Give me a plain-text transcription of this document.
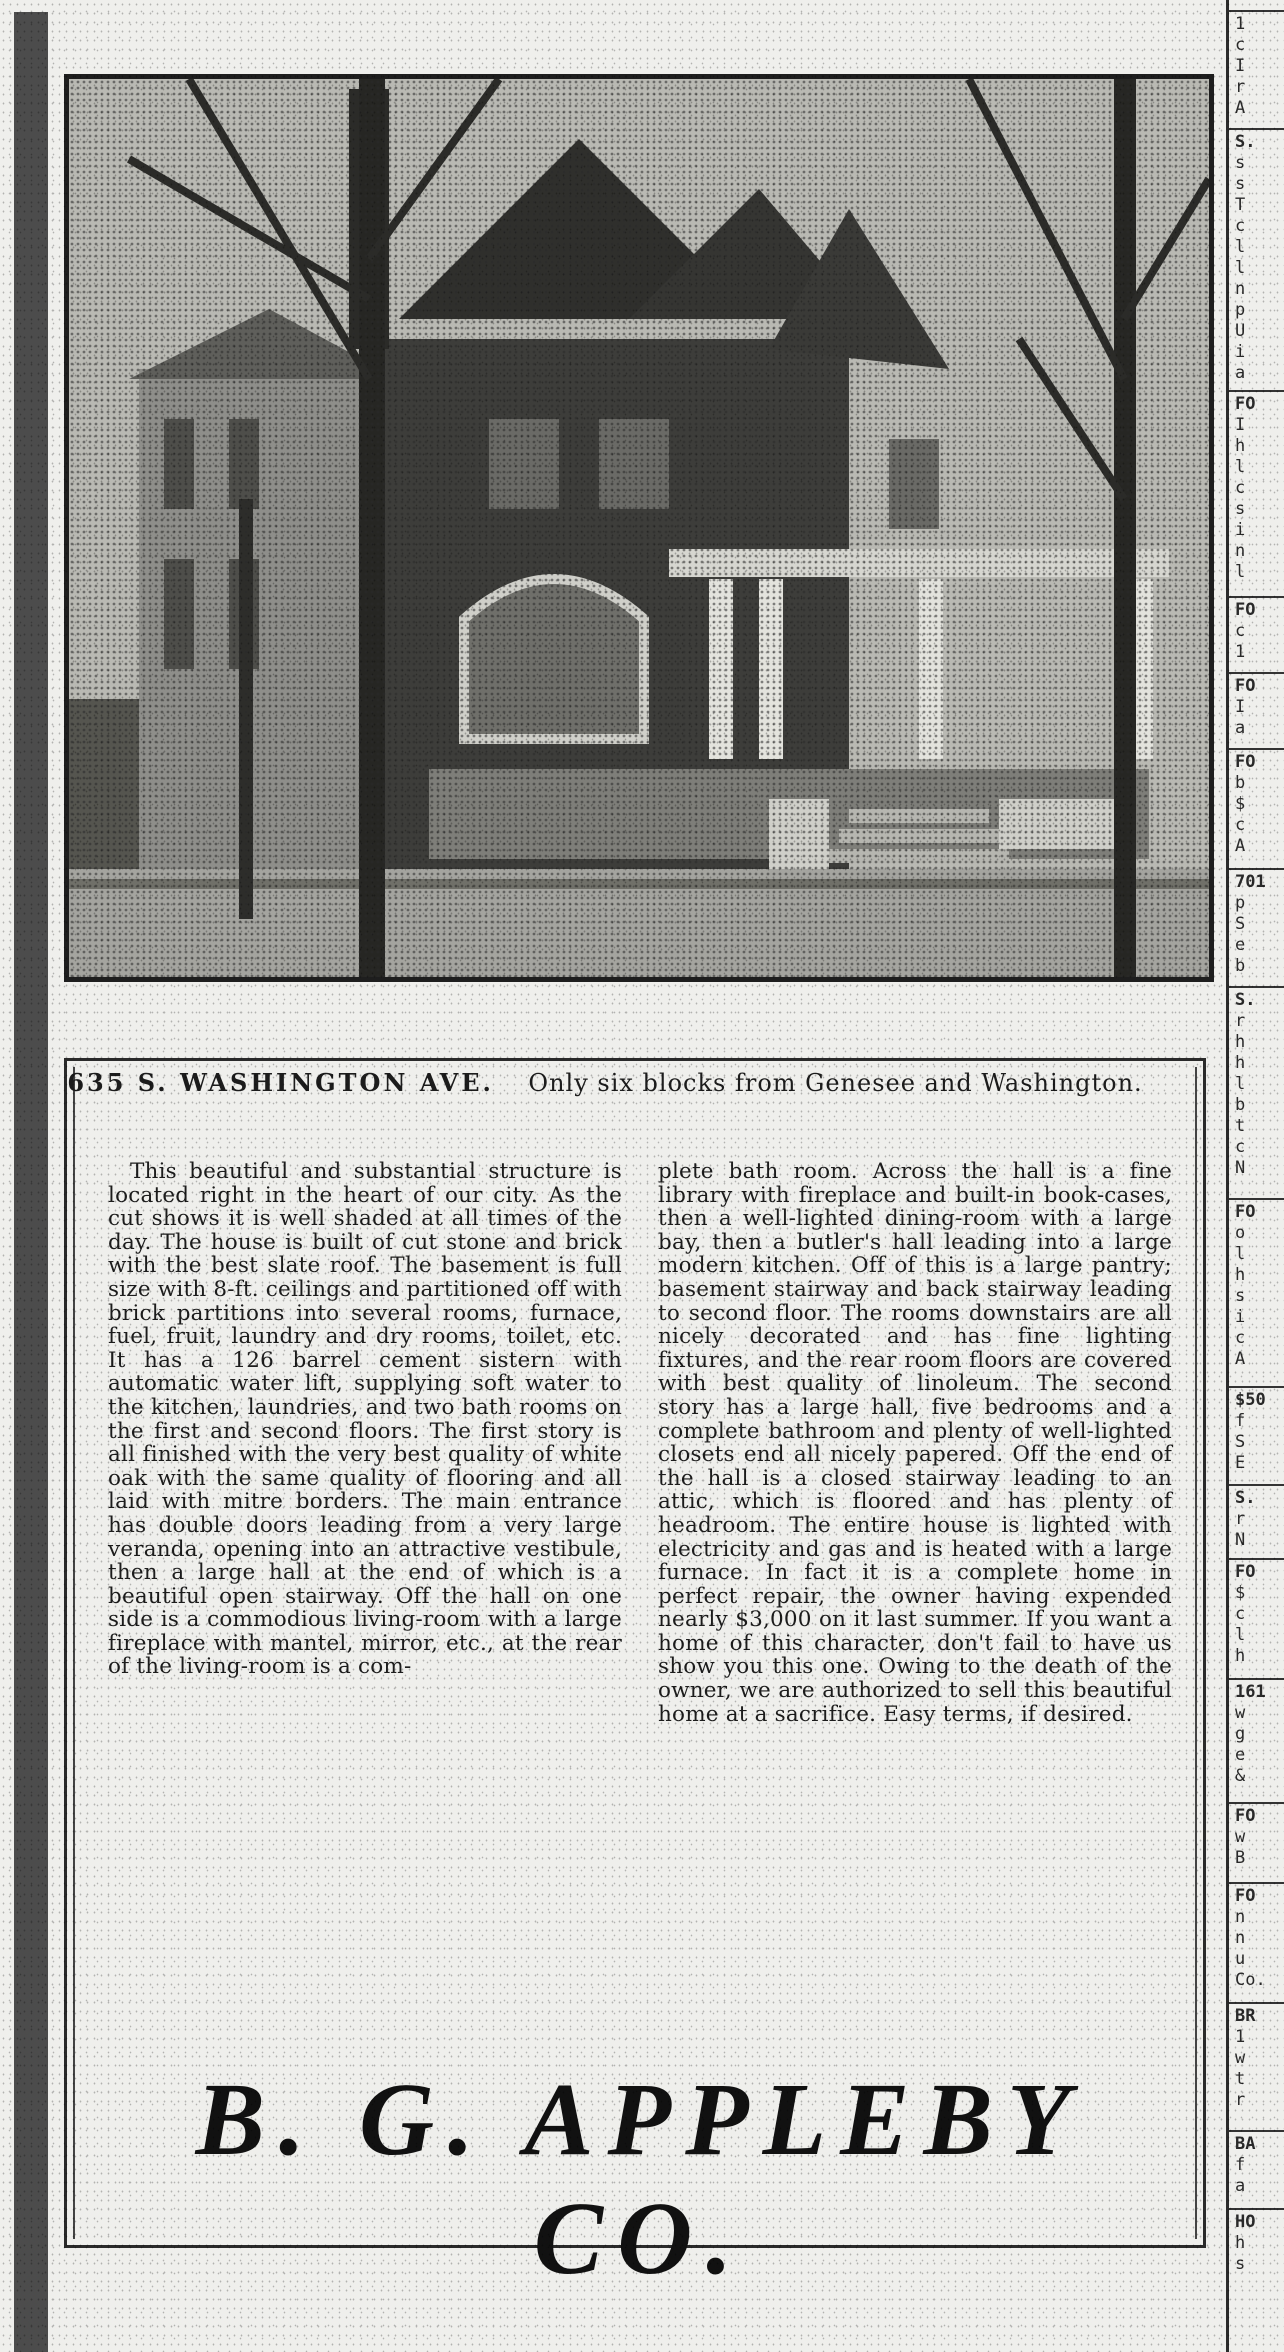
635 S. WASHINGTON AVE. Only six blocks from Genesee and Washington.
This beautiful and substantial structure is located right in the heart of our city. As the cut shows it is well shaded at all times of the day. The house is built of cut stone and brick with the best slate roof. The basement is full size with 8-ft. ceilings and partitioned off with brick partitions into several rooms, furnace, fuel, fruit, laundry and dry rooms, toilet, etc. It has a 126 barrel cement sistern with automatic water lift, supplying soft water to the kitchen, laundries, and two bath rooms on the first and second floors. The first story is all finished with the very best quality of white oak with the same quality of flooring and all laid with mitre borders. The main entrance has double doors leading from a very large veranda, opening into an attractive vestibule, then a large hall at the end of which is a beautiful open stairway. Off the hall on one side is a commodious living-room with a large fireplace with mantel, mirror, etc., at the rear of the living-room is a com-
plete bath room. Across the hall is a fine library with fireplace and built-in book-cases, then a well-lighted dining-room with a large bay, then a butler's hall leading into a large modern kitchen. Off of this is a large pantry; basement stairway and back stairway leading to second floor. The rooms downstairs are all nicely decorated and has fine lighting fixtures, and the rear room floors are covered with best quality of linoleum. The second story has a large hall, five bedrooms and a complete bathroom and plenty of well-lighted closets end all nicely papered. Off the end of the hall is a closed stairway leading to an attic, which is floored and has plenty of headroom. The entire house is lighted with electricity and gas and is heated with a large furnace. In fact it is a complete home in perfect repair, the owner having expended nearly $3,000 on it last summer. If you want a home of this character, don't fail to have us show you this one. Owing to the death of the owner, we are authorized to sell this beautiful home at a sacrifice. Easy terms, if desired.
B. G. APPLEBY CO.
1
c
I
r
A
S.
s
s
T
c
l
l
n
p
U
i
a
FO
I
h
l
c
s
i
n
l
FO
c
1
FO
I
a
FO
b
$
c
A
701
p
S
e
b
S.
r
h
h
l
b
t
c
N
FO
o
l
h
s
i
c
A
$50
f
S
E
S.
r
N
FO
$
c
l
h
161
w
g
e
&
FO
w
B
FO
n
n
u
Co.
BR
1
w
t
r
BA
f
a
HO
h
s
